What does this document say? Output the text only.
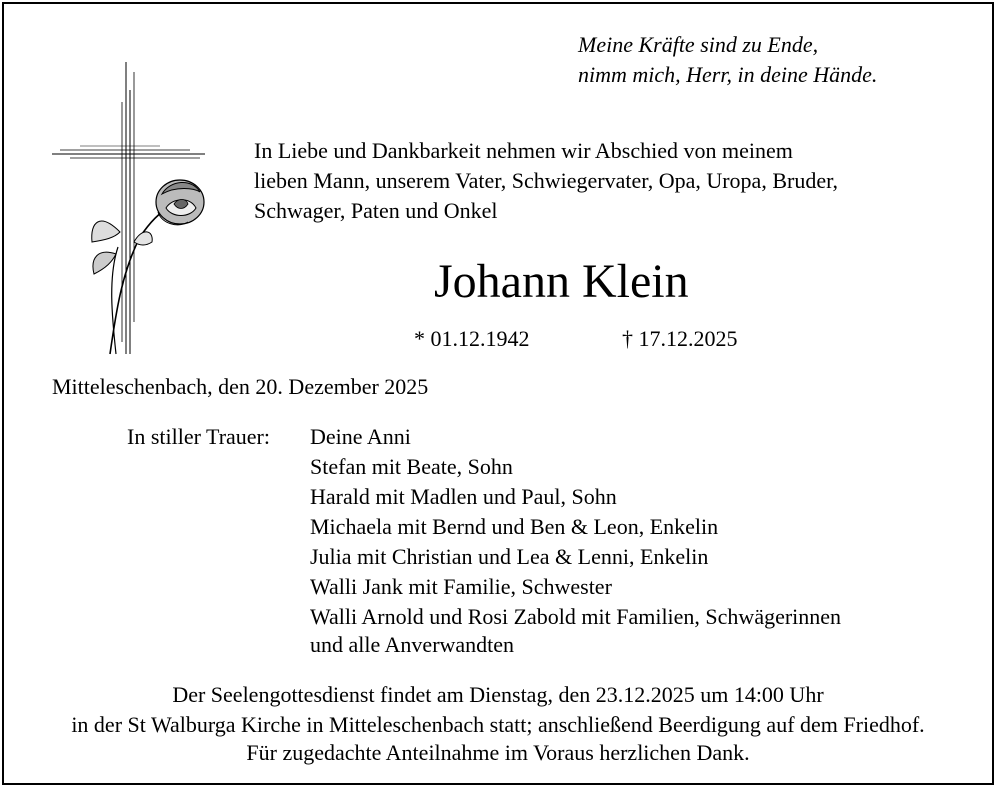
Meine Kräfte sind zu Ende,
nimm mich, Herr, in deine Hände.
In Liebe und Dankbarkeit nehmen wir Abschied von meinem
lieben Mann, unserem Vater, Schwiegervater, Opa, Uropa, Bruder,
Schwager, Paten und Onkel
Johann Klein
* 01.12.1942	† 17.12.2025
Mitteleschenbach, den 20. Dezember 2025
In stiller Trauer: Deine Anni
Stefan mit Beate, Sohn
Harald mit Madlen und Paul, Sohn
Michaela mit Bernd und Ben & Leon, Enkelin
Julia mit Christian und Lea & Lenni, Enkelin
Walli Jank mit Familie, Schwester
Walli Arnold und Rosi Zabold mit Familien, Schwägerinnen
und alle Anverwandten
Der Seelengottesdienst findet am Dienstag, den 23.12.2025 um 14:00 Uhr
in der St Walburga Kirche in Mitteleschenbach statt; anschließend Beerdigung auf dem Friedhof.
Für zugedachte Anteilnahme im Voraus herzlichen Dank.
